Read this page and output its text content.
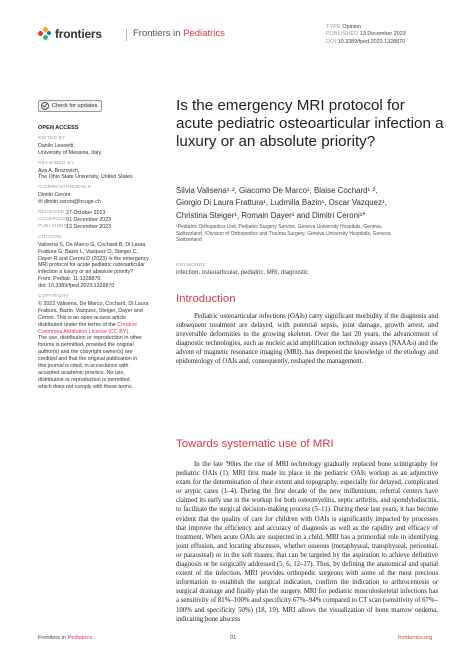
frontiers	Frontiers in Pediatrics
TYPE Opinion
PUBLISHED 13 December 2023
DOI 10.3389/fped.2023.1328870
Check for updates
OPEN ACCESS
EDITED BY
Danilo Leonetti,
University of Messina, Italy
REVIEWED BY
Ava A. Brozovich,
The Ohio State University, United States
*CORRESPONDENCE
Dimitri Ceroni
✉ dimitri.ceroni@hcuge.ch
RECEIVED 27 October 2023
ACCEPTED 01 December 2023
PUBLISHED
13 December 2023
CITATION
Valisena S, De Marco G, Cochard B, Di Laura
Frattura G, Bazin L, Vazquez O, Steiger C,
Dayer R and Ceroni D (2023) Is the emergency
MRI protocol for acute pediatric osteoarticular
infection a luxury or an absolute priority?
Front. Pediatr. 11:1328870.
doi: 10.3389/fped.2023.1328870
COPYRIGHT
© 2023 Valisena, De Marco, Cochard, Di Laura
Frattura, Bazin, Vazquez, Steiger, Dayer and
Ceroni. This is an open-access article
distributed under the terms of the Creative
Commons Attribution License (CC BY)
The use, distribution or reproduction in other
forums is permitted, provided the original
author(s) and the copyright owner(s) are
credited and that the original publication in
this journal is cited, in accordance with
accepted academic practice. No use,
distribution or reproduction is permitted
which does not comply with these terms.
Is the emergency MRI protocol for acute pediatric osteoarticular infection a luxury or an absolute priority?
Silvia Valisena¹˒², Giacomo De Marco¹, Blaise Cochard¹˒²,
Giorgio Di Laura Frattura¹, Ludmilla Bazin¹, Oscar Vazquez¹,
Christina Steiger¹, Romain Dayer¹ and Dimitri Ceroni¹*
¹Pediatric Orthopedics Unit, Pediatric Surgery Service, Geneva University Hospitals, Geneva,
Switzerland, ²Division of Orthopedics and Trauma Surgery, Geneva University Hospitals, Geneva,
Switzerland
KEYWORDS
infection, osteoarticular, pediatric, MRI, diagnostic
Introduction

Pediatric osteoarticular infections (OAIs) carry significant morbidity if the diagnosis and subsequent treatment are delayed, with potential sepsis, joint damage, growth arrest, and irreversible deformities to the growing skeleton. Over the last 20 years, the advancement of diagnostic technologies, such as nucleic acid amplification technology assays (NAAAs) and the advent of magnetic resonance imaging (MRI), has deepened the knowledge of the etiology and epidemiology of OAIs and, consequently, reshaped the management.

Towards systematic use of MRI

In the late '90ies the rise of MRI technology gradually replaced bone scintigraphy for pediatric OAIs (1). MRI first made its place in the pediatric OAIs workup as an adjunctive exam for the determination of their extent and topography, especially for delayed, complicated or atypic cases (1–4). During the first decade of the new millennium, referral centers have claimed its early use in the workup for both osteomyelitis, septic arthritis, and spondylodiscitis, to facilitate the surgical decision-making process (5–11). During these last years, it has become evident that the quality of care for children with OAIs is significantly impacted by processes that improve the efficiency and accuracy of diagnosis as well as the rapidity and efficacy of treatment. When acute OAIs are suspected in a child, MRI has a primordial role in identifying joint effusion, and locating abscesses, whether osseous (metaphyseal, transphyseal, periosteal, or paraosteal) or in the soft tissues, that can be targeted by the aspiration to achieve definitive diagnosis or be surgically addressed (5, 6, 12–17). Thus, by defining the anatomical and spatial extent of the infection, MRI provides orthopedic surgeons with some of the most precious information to establish the surgical indication, confirm the indication to arthrocentesis or surgical drainage and finally plan the surgery. MRI for pediatric musculoskeletal infections has a sensitivity of 81%–100% and specificity 67%–94% compared to CT scan (sensitivity of 67%–100% and specificity 50%) (18, 19). MRI allows the visualization of bone marrow oedema, indicating bone abscess

Frontiers in Pediatrics	01	frontiersin.org
